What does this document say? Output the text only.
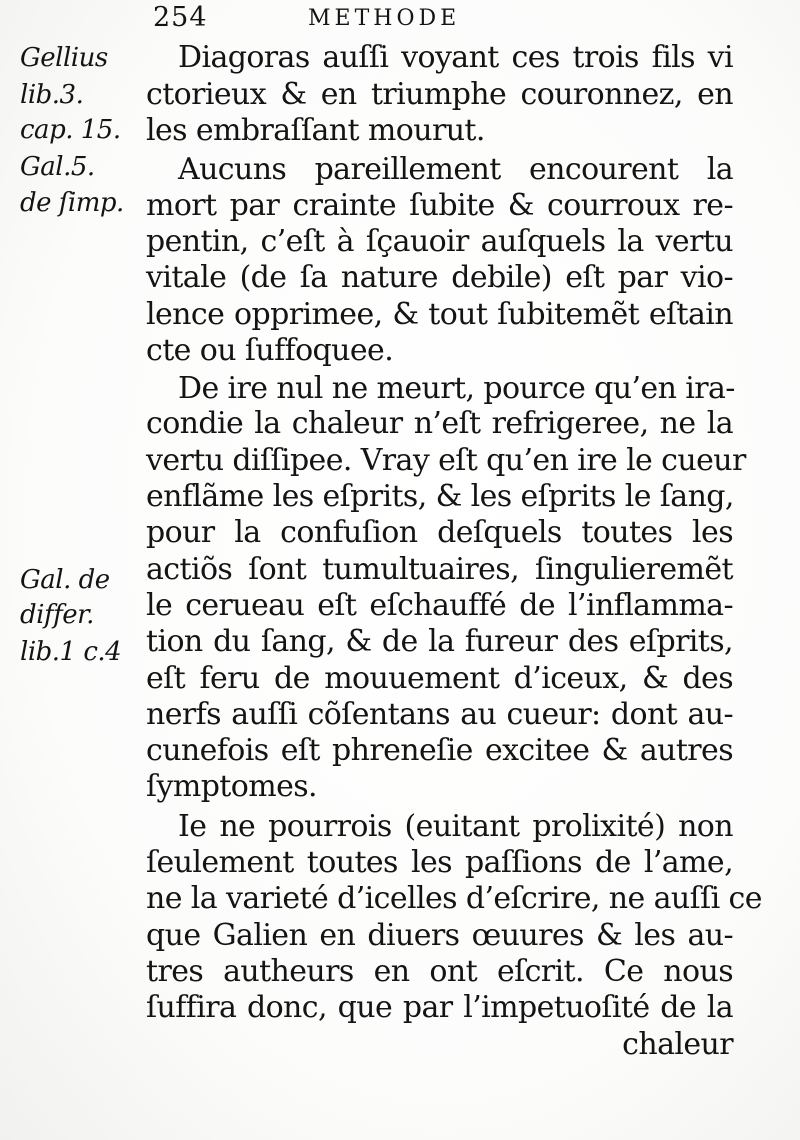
254	METHODE
Gellius
lib.3.
cap. 15.
Gal.5.
de ſimp.
Gal. de
differ.
lib.1 c.4
Diagoras auſſi voyant ces trois fils vi
ctorieux & en triumphe couronnez, en
les embraſſant mourut.
Aucuns pareillement encourent la
mort par crainte ſubite & courroux re-
pentin, c’eſt à ſçauoir auſquels la vertu
vitale (de ſa nature debile) eſt par vio-
lence opprimee, & tout ſubitemẽt eſtain
cte ou ſuffoquee.
De ire nul ne meurt, pource qu’en ira-
condie la chaleur n’eſt refrigeree, ne la
vertu diſſipee. Vray eſt qu’en ire le cueur
enflãme les eſprits, & les eſprits le ſang,
pour la confuſion deſquels toutes les
actiõs ſont tumultuaires, ſingulieremẽt
le cerueau eſt eſchauffé de l’inflamma-
tion du ſang, & de la fureur des eſprits,
eſt feru de mouuement d’iceux, & des
nerfs auſſi cõſentans au cueur: dont au-
cunefois eſt phreneſie excitee & autres
ſymptomes.
Ie ne pourrois (euitant prolixité) non
ſeulement toutes les paſſions de l’ame,
ne la varieté d’icelles d’eſcrire, ne auſſi ce
que Galien en diuers œuures & les au-
tres autheurs en ont eſcrit. Ce nous
ſuffira donc, que par l’impetuoſité de la
chaleur
